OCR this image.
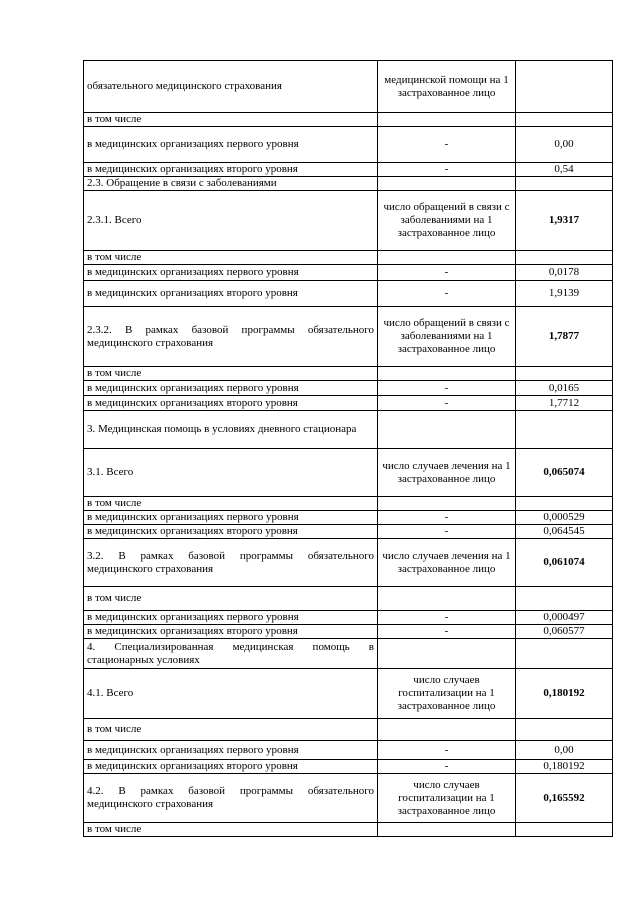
обязательного медицинского страхования	медицинской помощи на 1 застрахованное лицо	
в том числе		
в медицинских организациях первого уровня	-	0,00
в медицинских организациях второго уровня	-	0,54
2.3. Обращение в связи с заболеваниями		
2.3.1. Всего	число обращений в связи с заболеваниями на 1 застрахованное лицо	1,9317
в том числе		
в медицинских организациях первого уровня	-	0,0178
в медицинских организациях второго уровня	-	1,9139
2.3.2. В рамках базовой программы обязательного медицинского страхования	число обращений в связи с заболеваниями на 1 застрахованное лицо	1,7877
в том числе		
в медицинских организациях первого уровня	-	0,0165
в медицинских организациях второго уровня	-	1,7712
3. Медицинская помощь в условиях дневного стационара		
3.1. Всего	число случаев лечения на 1 застрахованное лицо	0,065074
в том числе		
в медицинских организациях первого уровня	-	0,000529
в медицинских организациях второго уровня	-	0,064545
3.2. В рамках базовой программы обязательного медицинского страхования	число случаев лечения на 1 застрахованное лицо	0,061074
в том числе		
в медицинских организациях первого уровня	-	0,000497
в медицинских организациях второго уровня	-	0,060577
4. Специализированная медицинская помощь в стационарных условиях		
4.1. Всего	число случаев госпитализации на 1 застрахованное лицо	0,180192
в том числе		
в медицинских организациях первого уровня	-	0,00
в медицинских организациях второго уровня	-	0,180192
4.2. В рамках базовой программы обязательного медицинского страхования	число случаев госпитализации на 1 застрахованное лицо	0,165592
в том числе		
